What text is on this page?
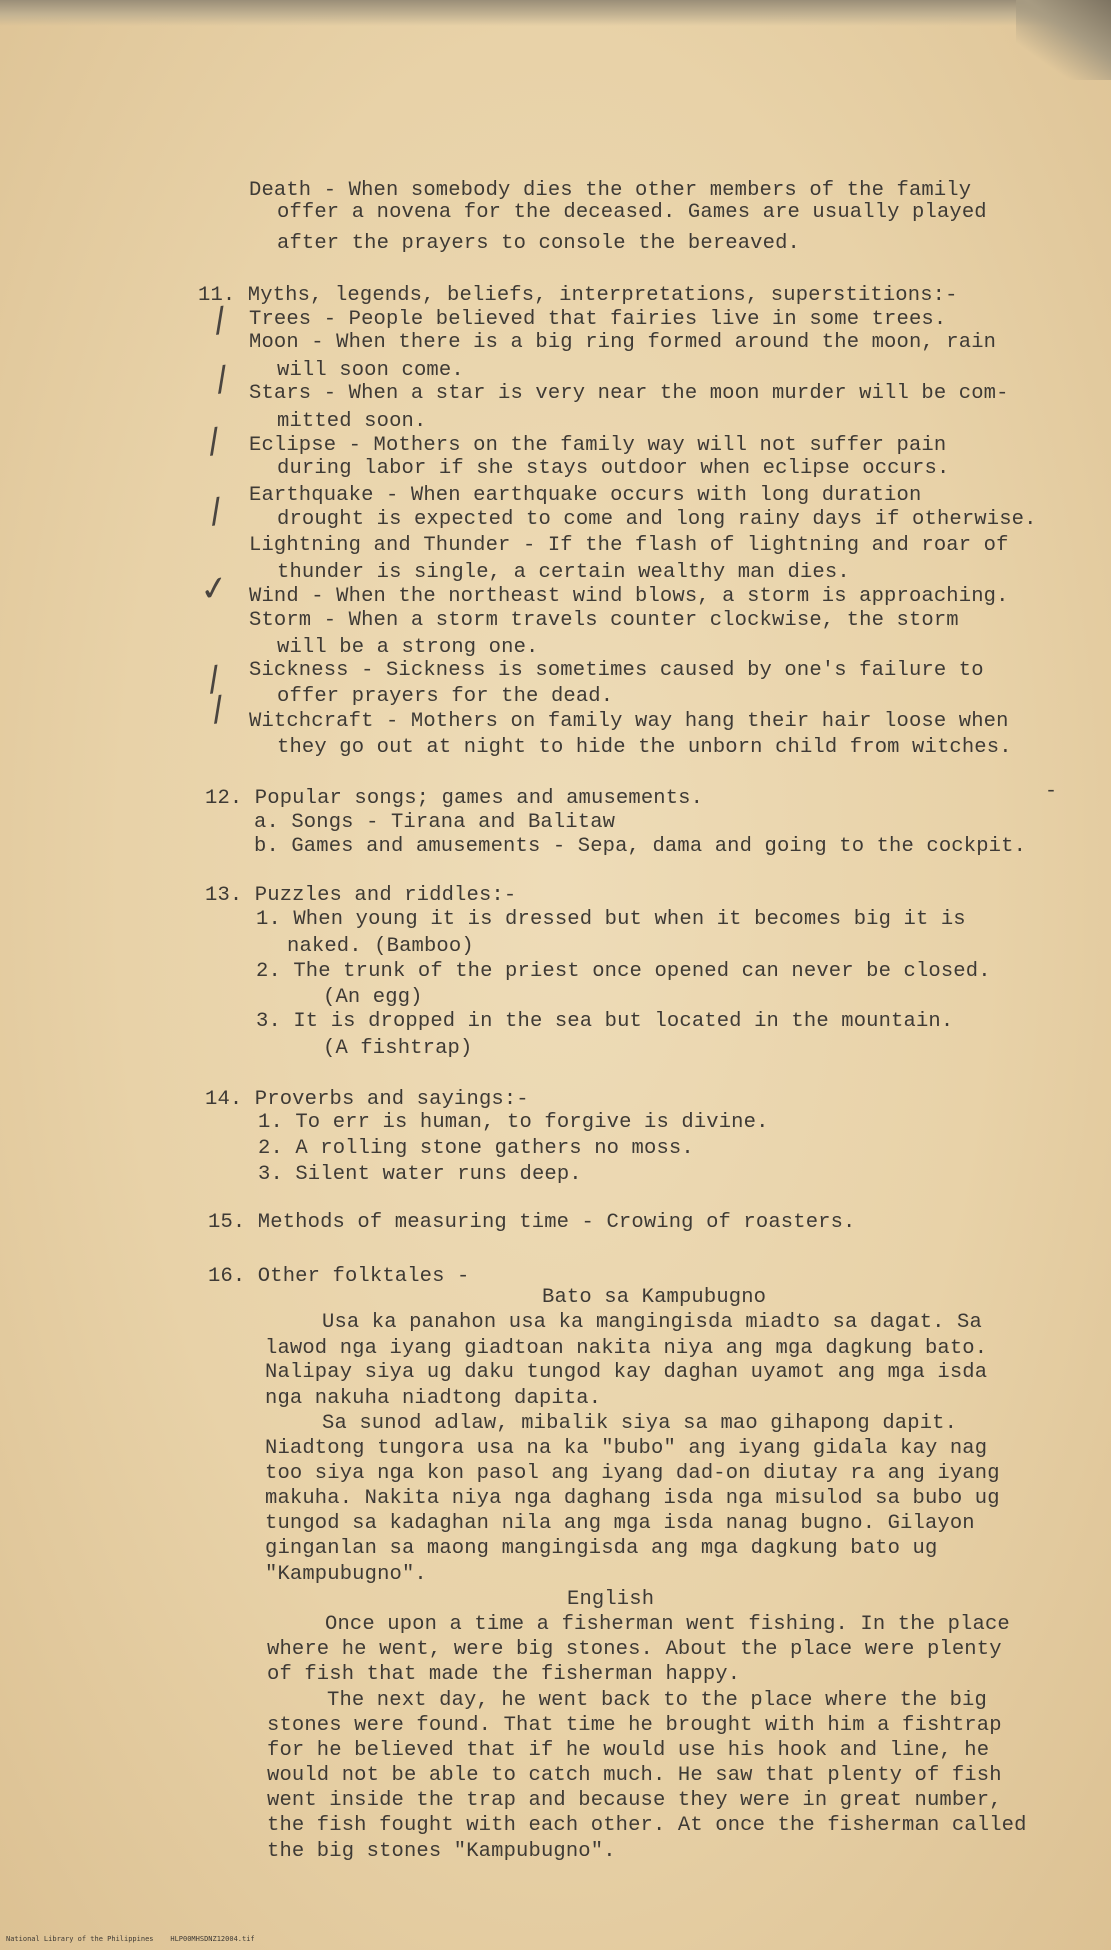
Death - When somebody dies the other members of the family
offer a novena for the deceased. Games are usually played
after the prayers to console the bereaved.
11. Myths, legends, beliefs, interpretations, superstitions:-
Trees - People believed that fairies live in some trees.
Moon - When there is a big ring formed around the moon, rain
will soon come.
Stars - When a star is very near the moon murder will be com-
mitted soon.
Eclipse - Mothers on the family way will not suffer pain
during labor if she stays outdoor when eclipse occurs.
Earthquake - When earthquake occurs with long duration
drought is expected to come and long rainy days if otherwise.
Lightning and Thunder - If the flash of lightning and roar of
thunder is single, a certain wealthy man dies.
Wind - When the northeast wind blows, a storm is approaching.
Storm - When a storm travels counter clockwise, the storm
will be a strong one.
Sickness - Sickness is sometimes caused by one's failure to
offer prayers for the dead.
Witchcraft - Mothers on family way hang their hair loose when
they go out at night to hide the unborn child from witches.
/
/
/
/
✓
/
/
12. Popular songs; games and amusements.	-
a. Songs - Tirana and Balitaw
b. Games and amusements - Sepa, dama and going to the cockpit.
13. Puzzles and riddles:-
1. When young it is dressed but when it becomes big it is
naked. (Bamboo)
2. The trunk of the priest once opened can never be closed.
(An egg)
3. It is dropped in the sea but located in the mountain.
(A fishtrap)
14. Proverbs and sayings:-
1. To err is human, to forgive is divine.
2. A rolling stone gathers no moss.
3. Silent water runs deep.
15. Methods of measuring time - Crowing of roasters.
16. Other folktales -
Bato sa Kampubugno
Usa ka panahon usa ka mangingisda miadto sa dagat. Sa
lawod nga iyang giadtoan nakita niya ang mga dagkung bato.
Nalipay siya ug daku tungod kay daghan uyamot ang mga isda
nga nakuha niadtong dapita.
Sa sunod adlaw, mibalik siya sa mao gihapong dapit.
Niadtong tungora usa na ka "bubo" ang iyang gidala kay nag
too siya nga kon pasol ang iyang dad-on diutay ra ang iyang
makuha. Nakita niya nga daghang isda nga misulod sa bubo ug
tungod sa kadaghan nila ang mga isda nanag bugno. Gilayon
ginganlan sa maong mangingisda ang mga dagkung bato ug
"Kampubugno".
English
Once upon a time a fisherman went fishing. In the place
where he went, were big stones. About the place were plenty
of fish that made the fisherman happy.
The next day, he went back to the place where the big
stones were found. That time he brought with him a fishtrap
for he believed that if he would use his hook and line, he
would not be able to catch much. He saw that plenty of fish
went inside the trap and because they were in great number,
the fish fought with each other. At once the fisherman called
the big stones "Kampubugno".
National Library of the Philippines    HLP00MHSDNZ12004.tif
